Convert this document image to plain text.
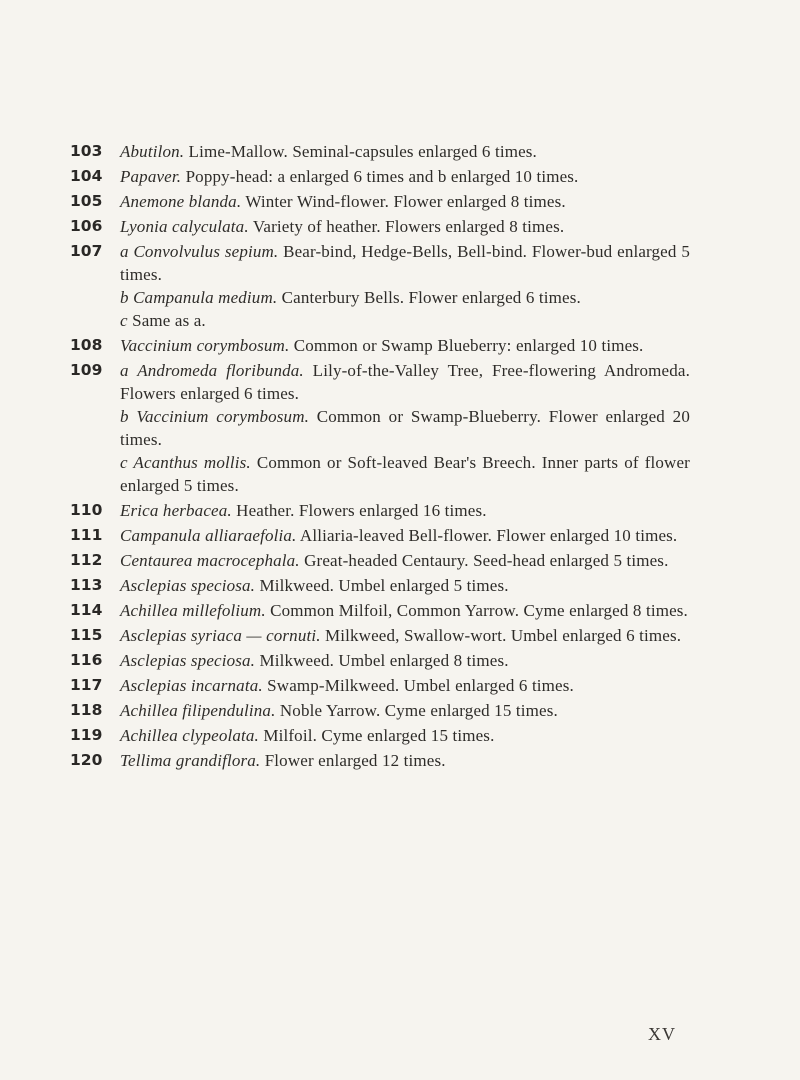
103	Abutilon. Lime-Mallow. Seminal-capsules enlarged 6 times.
104	Papaver. Poppy-head: a enlarged 6 times and b enlarged 10 times.
105	Anemone blanda. Winter Wind-flower. Flower enlarged 8 times.
106	Lyonia calyculata. Variety of heather. Flowers enlarged 8 times.
107	a Convolvulus sepium. Bear-bind, Hedge-Bells, Bell-bind. Flower-bud enlarged 5 times.
b Campanula medium. Canterbury Bells. Flower enlarged 6 times.
c Same as a.
108	Vaccinium corymbosum. Common or Swamp Blueberry: enlarged 10 times.
109	a Andromeda floribunda. Lily-of-the-Valley Tree, Free-flowering Andromeda. Flowers enlarged 6 times.
b Vaccinium corymbosum. Common or Swamp-Blueberry. Flower enlarged 20 times.
c Acanthus mollis. Common or Soft-leaved Bear's Breech. Inner parts of flower enlarged 5 times.
110	Erica herbacea. Heather. Flowers enlarged 16 times.
111	Campanula alliaraefolia. Alliaria-leaved Bell-flower. Flower enlarged 10 times.
112	Centaurea macrocephala. Great-headed Centaury. Seed-head enlarged 5 times.
113	Asclepias speciosa. Milkweed. Umbel enlarged 5 times.
114	Achillea millefolium. Common Milfoil, Common Yarrow. Cyme enlarged 8 times.
115	Asclepias syriaca — cornuti. Milkweed, Swallow-wort. Umbel enlarged 6 times.
116	Asclepias speciosa. Milkweed. Umbel enlarged 8 times.
117	Asclepias incarnata. Swamp-Milkweed. Umbel enlarged 6 times.
118	Achillea filipendulina. Noble Yarrow. Cyme enlarged 15 times.
119	Achillea clypeolata. Milfoil. Cyme enlarged 15 times.
120	Tellima grandiflora. Flower enlarged 12 times.
XV
